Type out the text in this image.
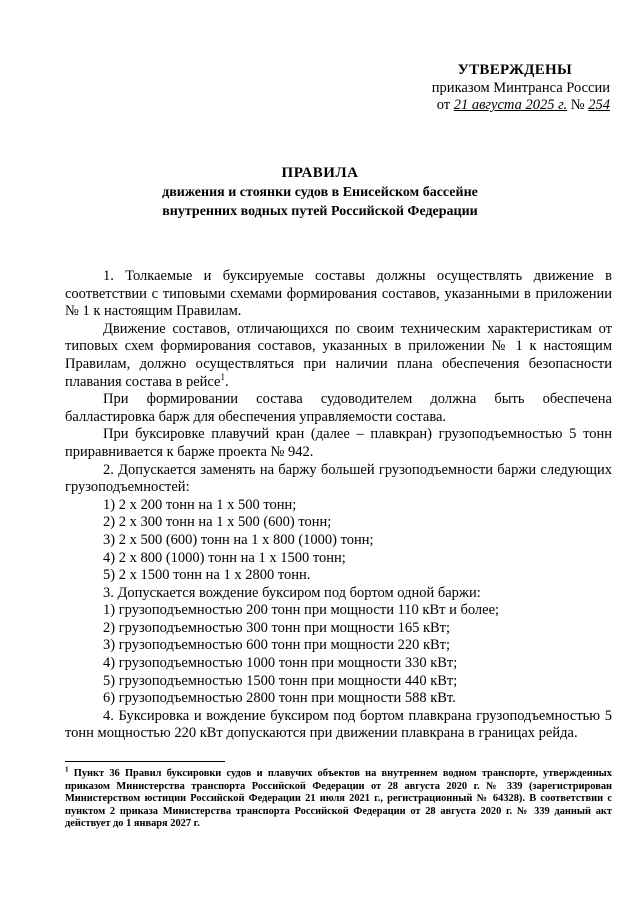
УТВЕРЖДЕНЫ
приказом Минтранса России
от 21 августа 2025 г. № 254
ПРАВИЛА
движения и стоянки судов в Енисейском бассейне
внутренних водных путей Российской Федерации

1. Толкаемые и буксируемые составы должны осуществлять движение в соответствии с типовыми схемами формирования составов, указанными в приложении № 1 к настоящим Правилам.

Движение составов, отличающихся по своим техническим характеристикам от типовых схем формирования составов, указанных в приложении № 1 к настоящим Правилам, должно осуществляться при наличии плана обеспечения безопасности плавания состава в рейсе$^1$.

При формировании состава судоводителем должна быть обеспечена балластировка барж для обеспечения управляемости состава.

При буксировке плавучий кран (далее – плавкран) грузоподъемностью 5 тонн приравнивается к барже проекта № 942.

2. Допускается заменять на баржу большей грузоподъемности баржи следующих грузоподъемностей:

1) 2 х 200 тонн на 1 х 500 тонн;

2) 2 х 300 тонн на 1 х 500 (600) тонн;

3) 2 х 500 (600) тонн на 1 х 800 (1000) тонн;

4) 2 х 800 (1000) тонн на 1 х 1500 тонн;

5) 2 х 1500 тонн на 1 х 2800 тонн.

3. Допускается вождение буксиром под бортом одной баржи:

1) грузоподъемностью 200 тонн при мощности 110 кВт и более;

2) грузоподъемностью 300 тонн при мощности 165 кВт;

3) грузоподъемностью 600 тонн при мощности 220 кВт;

4) грузоподъемностью 1000 тонн при мощности 330 кВт;

5) грузоподъемностью 1500 тонн при мощности 440 кВт;

6) грузоподъемностью 2800 тонн при мощности 588 кВт.

4. Буксировка и вождение буксиром под бортом плавкрана грузоподъемностью 5 тонн мощностью 220 кВт допускаются при движении плавкрана в границах рейда.

$^1$ Пункт 36 Правил буксировки судов и плавучих объектов на внутреннем водном транспорте, утвержденных приказом Министерства транспорта Российской Федерации от 28 августа 2020 г. № 339 (зарегистрирован Министерством юстиции Российской Федерации 21 июля 2021 г., регистрационный № 64328). В соответствии с пунктом 2 приказа Министерства транспорта Российской Федерации от 28 августа 2020 г. № 339 данный акт действует до 1 января 2027 г.
